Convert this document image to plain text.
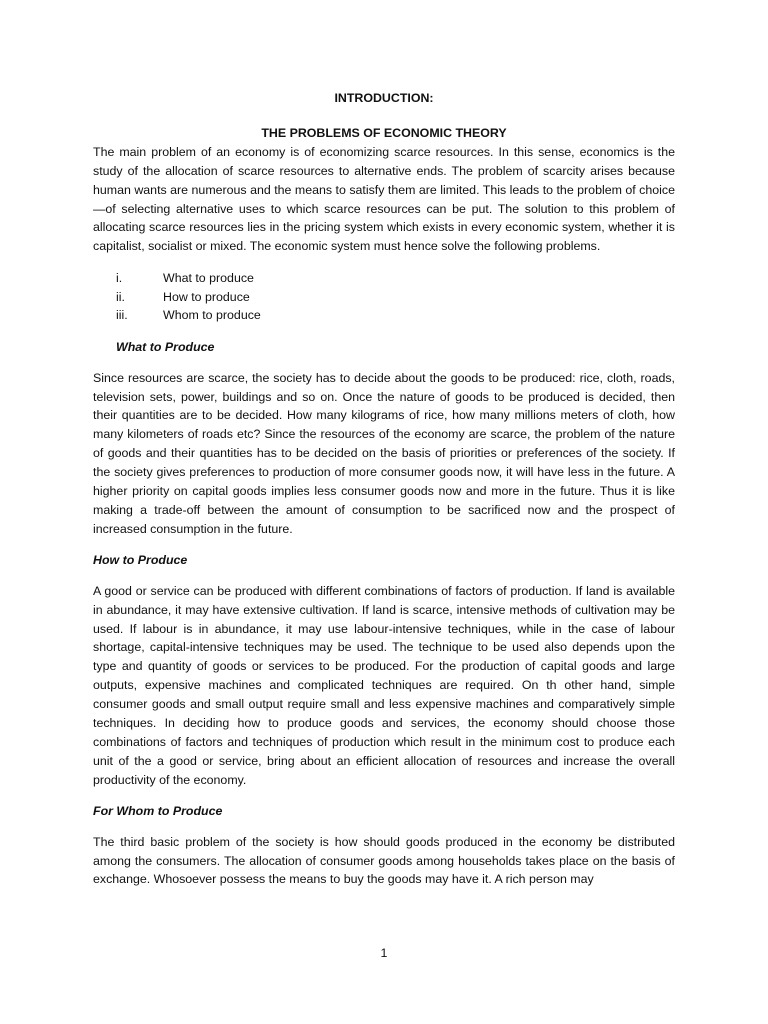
INTRODUCTION:

THE PROBLEMS OF ECONOMIC THEORY

The main problem of an economy is of economizing scarce resources. In this sense, economics is the study of the allocation of scarce resources to alternative ends. The problem of scarcity arises because human wants are numerous and the means to satisfy them are limited. This leads to the problem of choice—of selecting alternative uses to which scarce resources can be put. The solution to this problem of allocating scarce resources lies in the pricing system which exists in every economic system, whether it is capitalist, socialist or mixed. The economic system must hence solve the following problems.

i.	What to produce
ii.	How to produce
iii.	Whom to produce

What to Produce

Since resources are scarce, the society has to decide about the goods to be produced: rice, cloth, roads, television sets, power, buildings and so on. Once the nature of goods to be produced is decided, then their quantities are to be decided. How many kilograms of rice, how many millions meters of cloth, how many kilometers of roads etc? Since the resources of the economy are scarce, the problem of the nature of goods and their quantities has to be decided on the basis of priorities or preferences of the society. If the society gives preferences to production of more consumer goods now, it will have less in the future. A higher priority on capital goods implies less consumer goods now and more in the future. Thus it is like making a trade-off between the amount of consumption to be sacrificed now and the prospect of increased consumption in the future.

How to Produce

A good or service can be produced with different combinations of factors of production. If land is available in abundance, it may have extensive cultivation. If land is scarce, intensive methods of cultivation may be used. If labour is in abundance, it may use labour-intensive techniques, while in the case of labour shortage, capital-intensive techniques may be used. The technique to be used also depends upon the type and quantity of goods or services to be produced. For the production of capital goods and large outputs, expensive machines and complicated techniques are required. On th other hand, simple consumer goods and small output require small and less expensive machines and comparatively simple techniques. In deciding how to produce goods and services, the economy should choose those combinations of factors and techniques of production which result in the minimum cost to produce each unit of the a good or service, bring about an efficient allocation of resources and increase the overall productivity of the economy.

For Whom to Produce

The third basic problem of the society is how should goods produced in the economy be distributed among the consumers. The allocation of consumer goods among households takes place on the basis of exchange. Whosoever possess the means to buy the goods may have it. A rich person may

1
